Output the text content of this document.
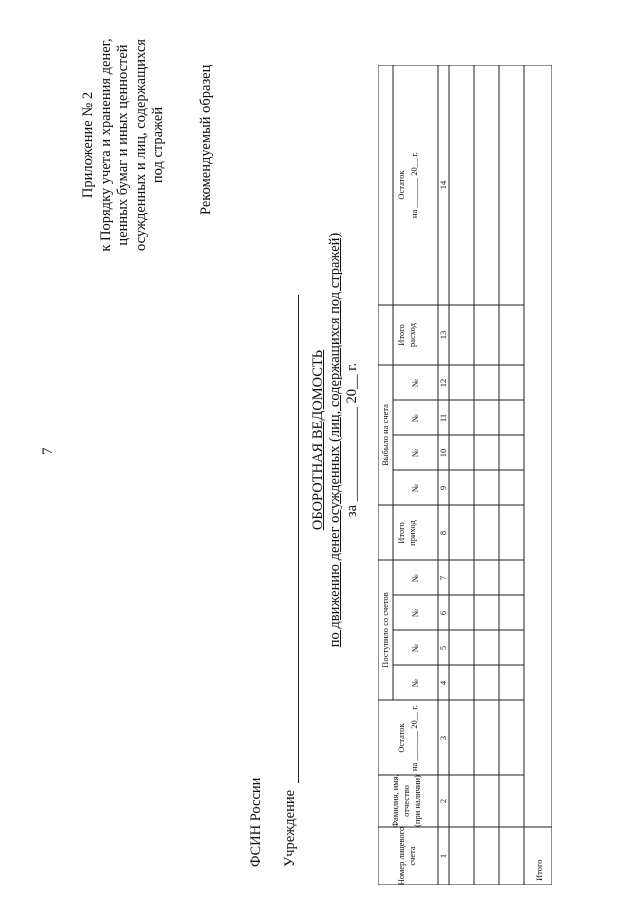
7
Приложение № 2 к Порядку учета и хранения денег, ценных бумаг и иных ценностей осужденных и лиц, содержащихся под стражей Рекомендуемый образец
ФСИН России Учреждение
ОБОРОТНАЯ ВЕДОМОСТЬ по движению денег осужденных (лиц, содержащихся под стражей) за _____________ 20__ г.
Номер лицевого счета
Фамилия, имя, отчество (при наличии)
Остаток на _______ 20__ г.
Поступило со счетов
№
№
№
№
Итого приход
Выбыло на счета
№
№
№
№
Итого расход
Остаток на _______ 20__ г.
1
2
3
4
5
6
7
8
9
10
11
12
13
14
Итого
